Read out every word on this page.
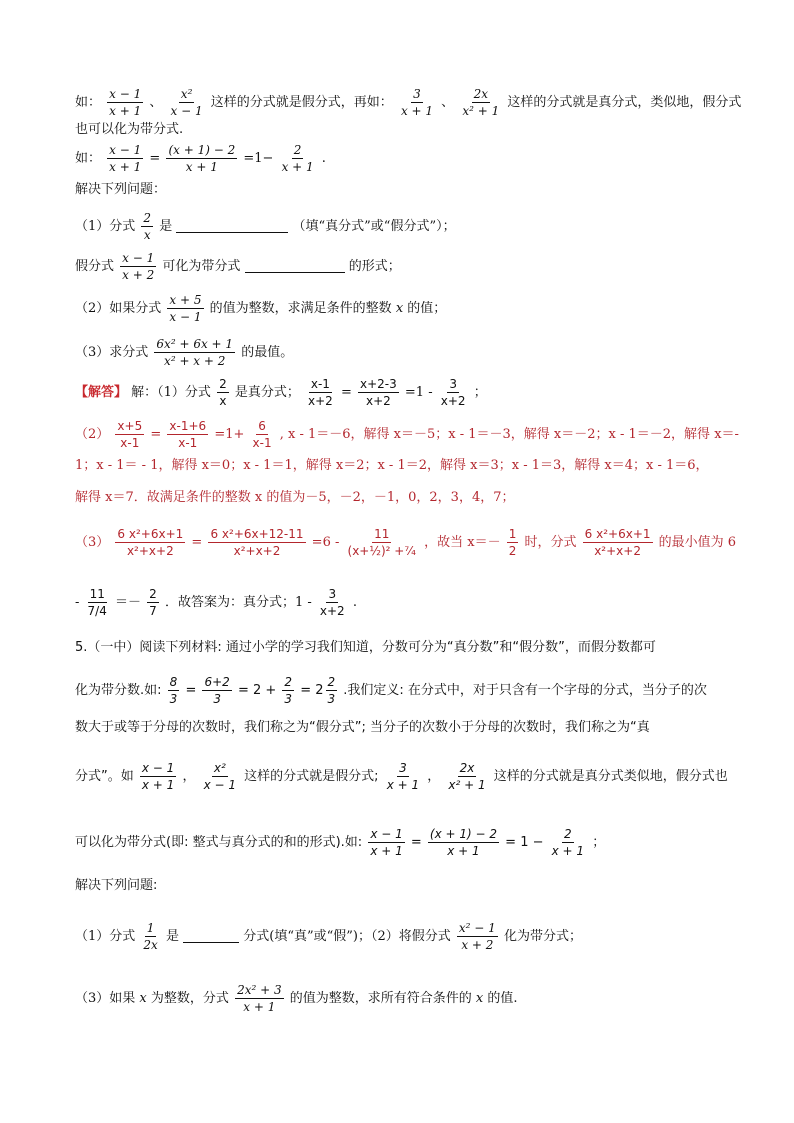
如： $\frac{x - 1}{x + 1}$ 、 $\frac{\text{x²}}{x - 1}$ 这样的分式就是假分式，再如： $\frac{3}{x + 1}$ 、 $\frac{2x}{\text{x² + 1}}$ 这样的分式就是真分式，类似地，假分式
也可以化为带分式.
如： $\frac{x - 1}{x + 1} = \frac{(x + 1) - 2}{x + 1} =1- \frac{2}{x + 1}$ .
解决下列问题：
（1）分式 $\frac{2}{x}$ 是	（填“真分式”或“假分式”）；
假分式 $\frac{x - 1}{x + 2}$ 可化为带分式	的形式；
（2）如果分式 $\frac{x + 5}{x - 1}$ 的值为整数，求满足条件的整数 x 的值；
（3）求分式 $\frac{\text{6x² + 6x + 1}}{\text{x² + x + 2}}$ 的最值。
【解答】 解：（1）分式 $\frac{2}{x}$ 是真分式； $\frac{x-1}{x+2} = \frac{x+2-3}{x+2} =1 - \frac{3}{x+2}$ ；
$(2) \frac{x+5}{x-1} = \frac{x-1+6}{x-1} =1+ \frac{6}{x-1}$ , x - 1＝－6，解得 x＝－5；x - 1＝－3，解得 x＝－2；x - 1＝－2，解得 x＝-
1；x - 1＝ - 1，解得 x＝0；x - 1＝1，解得 x＝2；x - 1＝2，解得 x＝3；x - 1＝3，解得 x＝4；x - 1＝6，
解得 x＝7．故满足条件的整数 x 的值为－5，－2，－1，0，2，3，4，7；
$(3) \frac{\text{6 x²+6x+1}}{\text{x²+x+2}} = \frac{\text{6 x²+6x+12-11}}{\text{x²+x+2}} =6 - \frac{11}{\text{(x+½)² +⁷⁄₄}}$ ，故当 $x=- \frac{1}{2}$ 时，分式 $\frac{\text{6 x²+6x+1}}{\text{x²+x+2}}$ 的最小值为 6
- $\frac{11}{7/4} =- \frac{2}{7}$ ．故答案为：真分式；$1 - \frac{3}{x+2}$ .
5.（一中）阅读下列材料: 通过小学的学习我们知道，分数可分为“真分数”和“假分数”，而假分数都可
化为带分数.如: $\frac{8}{3} = \frac{6+2}{3} = 2 + \frac{2}{3} = 2 \frac{2}{3}$ .我们定义: 在分式中，对于只含有一个字母的分式，当分子的次
数大于或等于分母的次数时，我们称之为“假分式”; 当分子的次数小于分母的次数时，我们称之为“真
分式”。如 $\frac{x - 1}{x + 1}$ ， $\frac{\text{x²}}{x - 1}$ 这样的分式就是假分式; $\frac{3}{x + 1}$ ， $\frac{2x}{\text{x² + 1}}$ 这样的分式就是真分式类似地，假分式也
可以化为带分式(即: 整式与真分式的和的形式).如: $\frac{x - 1}{x + 1} = \frac{(x + 1) - 2}{x + 1} = 1 - \frac{2}{x + 1}$ ；
解决下列问题:
（1）分式 $\frac{1}{2x}$ 是	分式(填“真”或“假”)；（2）将假分式 $\frac{\text{x² − 1}}{x + 2}$ 化为带分式；
（3）如果 x 为整数，分式 $\frac{\text{2x² + 3}}{x + 1}$ 的值为整数，求所有符合条件的 x 的值.
